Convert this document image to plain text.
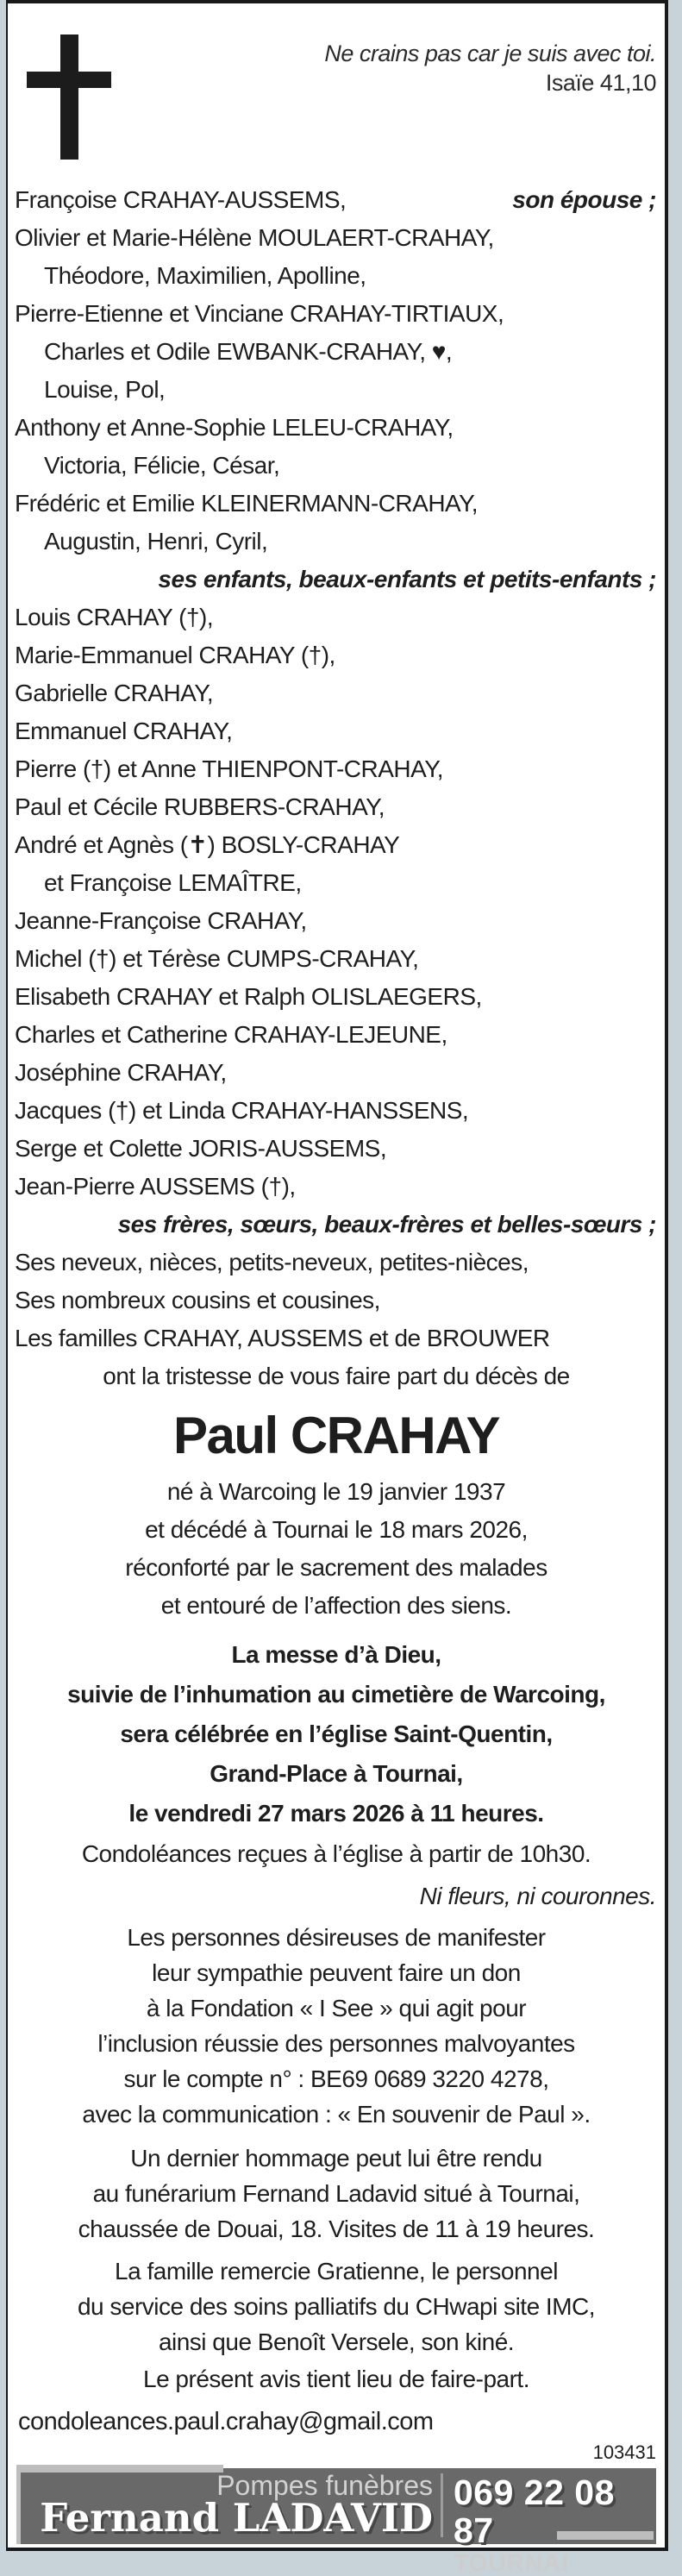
Ne crains pas car je suis avec toi.
Isaïe 41,10
son épouse ;
Françoise CRAHAY-AUSSEMS,
Olivier et Marie-Hélène MOULAERT-CRAHAY,
Théodore, Maximilien, Apolline,
Pierre-Etienne et Vinciane CRAHAY-TIRTIAUX,
Charles et Odile EWBANK-CRAHAY, ♥,
Louise, Pol,
Anthony et Anne-Sophie LELEU-CRAHAY,
Victoria, Félicie, César,
Frédéric et Emilie KLEINERMANN-CRAHAY,
Augustin, Henri, Cyril,
ses enfants, beaux-enfants et petits-enfants ;
Louis CRAHAY (†),
Marie-Emmanuel CRAHAY (†),
Gabrielle CRAHAY,
Emmanuel CRAHAY,
Pierre (†) et Anne THIENPONT-CRAHAY,
Paul et Cécile RUBBERS-CRAHAY,
André et Agnès (✝) BOSLY-CRAHAY
et Françoise LEMAÎTRE,
Jeanne-Françoise CRAHAY,
Michel (†) et Térèse CUMPS-CRAHAY,
Elisabeth CRAHAY et Ralph OLISLAEGERS,
Charles et Catherine CRAHAY-LEJEUNE,
Joséphine CRAHAY,
Jacques (†) et Linda CRAHAY-HANSSENS,
Serge et Colette JORIS-AUSSEMS,
Jean-Pierre AUSSEMS (†),
ses frères, sœurs, beaux-frères et belles-sœurs ;
Ses neveux, nièces, petits-neveux, petites-nièces,
Ses nombreux cousins et cousines,
Les familles CRAHAY, AUSSEMS et de BROUWER
ont la tristesse de vous faire part du décès de
Paul CRAHAY
né à Warcoing le 19 janvier 1937
et décédé à Tournai le 18 mars 2026,
réconforté par le sacrement des malades
et entouré de l’affection des siens.
La messe d’à Dieu,
suivie de l’inhumation au cimetière de Warcoing,
sera célébrée en l’église Saint-Quentin,
Grand-Place à Tournai,
le vendredi 27 mars 2026 à 11 heures.
Condoléances reçues à l’église à partir de 10h30.
Ni fleurs, ni couronnes.
Les personnes désireuses de manifester
leur sympathie peuvent faire un don
à la Fondation « I See » qui agit pour
l’inclusion réussie des personnes malvoyantes
sur le compte n° : BE69 0689 3220 4278,
avec la communication : « En souvenir de Paul ».
Un dernier hommage peut lui être rendu
au funérarium Fernand Ladavid situé à Tournai,
chaussée de Douai, 18. Visites de 11 à 19 heures.
La famille remercie Gratienne, le personnel
du service des soins palliatifs du CHwapi site IMC,
ainsi que Benoît Versele, son kiné.
Le présent avis tient lieu de faire-part.
condoleances.paul.crahay@gmail.com
103431
Pompes funèbres
Fernand LADAVID
069 22 08 87
TOURNAI
